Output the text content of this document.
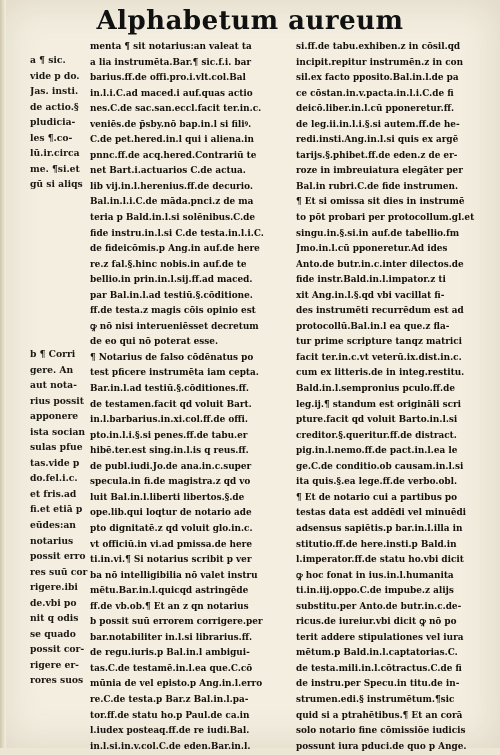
Alphabetum aureum
a ¶ sic.
vide p do.
Jas. insti.
de actio.§
pludicia-
les ¶.co-
lū.ir.circa
me. ¶si.et
gū si aliqs
b ¶ Corri
gere. An
aut nota-
rius possit
apponere
ista socian
sulas pfue
tas.vide p
do.fel.i.c.
et fris.ad
fi.et etiā p
eūdes:an
notarius
possit erro
res suū cor
rigere.ibi
de.vbi po
nit q odis
se quado
possit cor-
rigere er-
rores suos
menta ¶ sit notarius:an valeat ta
a lia instrumēta.Bar.¶ sic.f.i. bar
barius.ff.de offi.pro.i.vlt.col.Bal
in.l.i.C.ad maced.i auf.quas actio
nes.C.de sac.san.eccl.facit ter.in.c.
veniēs.de p̄sby.nō bap.in.l si filiꝰ.
C.de pet.hered.in.l qui i aliena.in
pnnc.ff.de acq.hered.Contrariū te
net Bart.i.actuarios C.de actua.
lib vij.in.l.herenius.ff.de decurio.
Bal.in.l.i.C.de māda.pnci.z de ma
teria p Bald.in.l.si solēnibus.C.de
fide instru.in.l.si C.de testa.in.l.i.C.
de fideicōmis.p Ang.in auf.de here
re.z fal.§.hinc nobis.in auf.de te
bellio.in prin.in.l.sij.ff.ad maced.
par Bal.in.l.ad testiū.§.cōditione.
ff.de testa.z magis cōis opinio est
ꝙ nō nisi interueniēsset decretum
de eo qui nō poterat esse.
¶ Notarius de falso cōdēnatus po
test pficere instrumēta iam cepta.
Bar.in.l.ad testiū.§.cōditiones.ff.
de testamen.facit qd voluit Bart.
in.l.barbarius.in.xi.col.ff.de offi.
pto.in.l.i.§.si penes.ff.de tabu.er
hibē.ter.est sing.in.l.is q reus.ff.
de publ.iudi.Jo.de ana.in.c.super
specula.in fi.de magistra.z qd vo
luit Bal.in.l.liberti libertos.§.de
ope.lib.qui loqtur de notario ade
pto dignitatē.z qd voluit glo.in.c.
vt officiū.in vi.ad pmissa.de here
ti.in.vi.¶ Si notarius scribit p ver
ba nō intelligibilia nō valet instru
mētu.Bar.in.l.quicqd astringēde
ff.de vb.ob.¶ Et an z qn notarius
b possit suū errorem corrigere.per
bar.notabiliter in.l.si librarius.ff.
de regu.iuris.p Bal.in.l ambigui-
tas.C.de testamē.in.l.ea que.C.cō
mūnia de vel episto.p Ang.in.l.erro
re.C.de testa.p Bar.z Bal.in.l.pa-
tor.ff.de statu ho.p Paul.de ca.in
l.iudex posteaq.ff.de re iudi.Bal.
in.l.si.in.v.col.C.de eden.Bar.in.l.
si.ff.de tabu.exhiben.z in cōsil.qd
incipit.repitur instrumēn.z in con
sil.ex facto pposito.Bal.in.l.de pa
ce cōstan.in.v.pacta.in.l.i.C.de fi
deicō.liber.in.l.cū pponeretur.ff.
de leg.ii.in.l.i.§.si autem.ff.de he-
redi.insti.Ang.in.l.si quis ex argē
tarijs.§.phibet.ff.de eden.z de er-
roze in imbreuiatura elegāter per
Bal.in rubri.C.de fide instrumen.
¶ Et si omissa sit dies in instrumē
to pōt probari per protocollum.gl.et
singu.in.§.si.in auf.de tabellio.fm
Jmo.in.l.cū pponeretur.Ad ides
Anto.de butr.in.c.inter dilectos.de
fide instr.Bald.in.l.impator.z ti
xit Ang.in.l.§.qd vbi vacillat fi-
des instrumēti recurrēdum est ad
protocollū.Bal.in.l ea que.z fla-
tur prime scripture tanqz matrici
facit ter.in.c.vt veterū.ix.dist.in.c.
cum ex litteris.de in integ.restitu.
Bald.in.l.sempronius pculo.ff.de
leg.ij.¶ standum est origināli scri
pture.facit qd voluit Barto.in.l.si
creditor.§.queritur.ff.de distract.
pig.in.l.nemo.ff.de pact.in.l.ea le
ge.C.de conditio.ob causam.in.l.si
ita quis.§.ea lege.ff.de verbo.obl.
¶ Et de notario cui a partibus po
testas data est addēdi vel minuēdi
adsensus sapiētis.p bar.in.l.illa in
stitutio.ff.de here.insti.p Bald.in
l.imperator.ff.de statu ho.vbi dicit
ꝙ hoc fonat in ius.in.l.humanita
ti.in.iij.oppo.C.de impube.z alijs
substitu.per Anto.de butr.in.c.de-
ricus.de iureiur.vbi dicit ꝙ nō po
terit addere stipulationes vel iura
mētum.p Bald.in.l.captatorias.C.
de testa.mili.in.l.cōtractus.C.de fi
de instru.per Specu.in titu.de in-
strumen.edi.§ instrumētum.¶sic
quid si a ptrahētibus.¶ Et an corā
solo notario fine cōmissiōe iudicis
possunt iura pduci.de quo p Ange.
